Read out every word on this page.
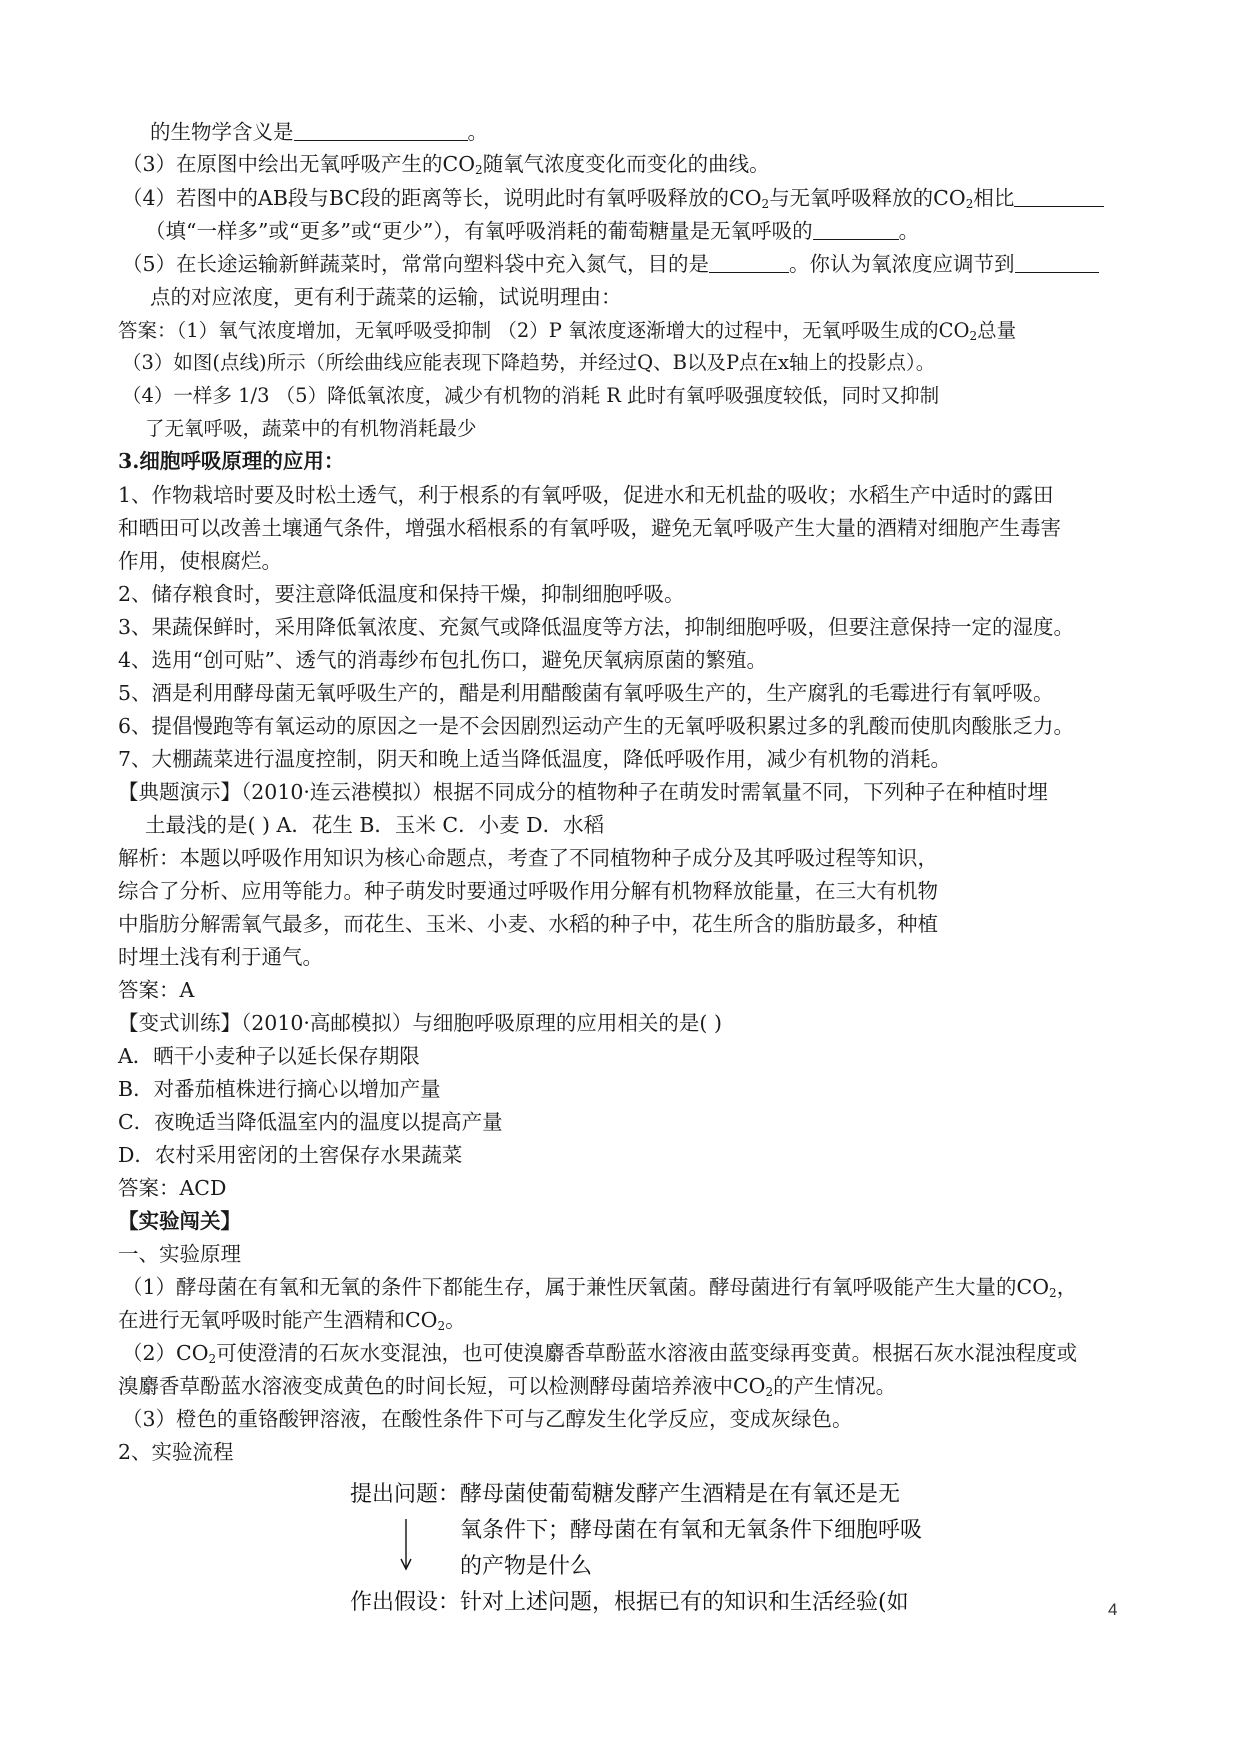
的生物学含义是	。
（3）在原图中绘出无氧呼吸产生的$CO_2$随氧气浓度变化而变化的曲线。
（4）若图中的AB段与BC段的距离等长，说明此时有氧呼吸释放的$CO_2$与无氧呼吸释放的$CO_2$相比
（填“一样多”或“更多”或“更少”），有氧呼吸消耗的葡萄糖量是无氧呼吸的	。
（5）在长途运输新鲜蔬菜时，常常向塑料袋中充入氮气，目的是	。你认为氧浓度应调节到
点的对应浓度，更有利于蔬菜的运输，试说明理由：
答案：（1）氧气浓度增加，无氧呼吸受抑制 （2）P 氧浓度逐渐增大的过程中，无氧呼吸生成的$CO_2$总量
（3）如图(点线)所示（所绘曲线应能表现下降趋势，并经过Q、B以及P点在x轴上的投影点）。
（4）一样多 1/3 （5）降低氧浓度，减少有机物的消耗 R 此时有氧呼吸强度较低，同时又抑制
了无氧呼吸，蔬菜中的有机物消耗最少
3.细胞呼吸原理的应用：
1、作物栽培时要及时松土透气，利于根系的有氧呼吸，促进水和无机盐的吸收；水稻生产中适时的露田
和晒田可以改善土壤通气条件，增强水稻根系的有氧呼吸，避免无氧呼吸产生大量的酒精对细胞产生毒害
作用，使根腐烂。
2、储存粮食时，要注意降低温度和保持干燥，抑制细胞呼吸。
3、果蔬保鲜时，采用降低氧浓度、充氮气或降低温度等方法，抑制细胞呼吸，但要注意保持一定的湿度。
4、选用“创可贴”、透气的消毒纱布包扎伤口，避免厌氧病原菌的繁殖。
5、酒是利用酵母菌无氧呼吸生产的，醋是利用醋酸菌有氧呼吸生产的，生产腐乳的毛霉进行有氧呼吸。
6、提倡慢跑等有氧运动的原因之一是不会因剧烈运动产生的无氧呼吸积累过多的乳酸而使肌肉酸胀乏力。
7、大棚蔬菜进行温度控制，阴天和晚上适当降低温度，降低呼吸作用，减少有机物的消耗。
【典题演示】（2010·连云港模拟）根据不同成分的植物种子在萌发时需氧量不同，下列种子在种植时埋
土最浅的是( ) A．花生 B．玉米 C．小麦 D．水稻
解析：本题以呼吸作用知识为核心命题点，考查了不同植物种子成分及其呼吸过程等知识，
综合了分析、应用等能力。种子萌发时要通过呼吸作用分解有机物释放能量，在三大有机物
中脂肪分解需氧气最多，而花生、玉米、小麦、水稻的种子中，花生所含的脂肪最多，种植
时埋土浅有利于通气。
答案：A
【变式训练】（2010·高邮模拟）与细胞呼吸原理的应用相关的是( )
A．晒干小麦种子以延长保存期限
B．对番茄植株进行摘心以增加产量
C．夜晚适当降低温室内的温度以提高产量
D．农村采用密闭的土窖保存水果蔬菜
答案：ACD
【实验闯关】
一、实验原理
（1）酵母菌在有氧和无氧的条件下都能生存，属于兼性厌氧菌。酵母菌进行有氧呼吸能产生大量的$CO_2$，
在进行无氧呼吸时能产生酒精和$CO_2$。
$(2)CO_2$可使澄清的石灰水变混浊，也可使溴麝香草酚蓝水溶液由蓝变绿再变黄。根据石灰水混浊程度或
溴麝香草酚蓝水溶液变成黄色的时间长短，可以检测酵母菌培养液中$CO_2$的产生情况。
（3）橙色的重铬酸钾溶液，在酸性条件下可与乙醇发生化学反应，变成灰绿色。
2、实验流程
提出问题：酵母菌使葡萄糖发酵产生酒精是在有氧还是无
氧条件下；酵母菌在有氧和无氧条件下细胞呼吸
的产物是什么
作出假设：针对上述问题，根据已有的知识和生活经验(如	4
